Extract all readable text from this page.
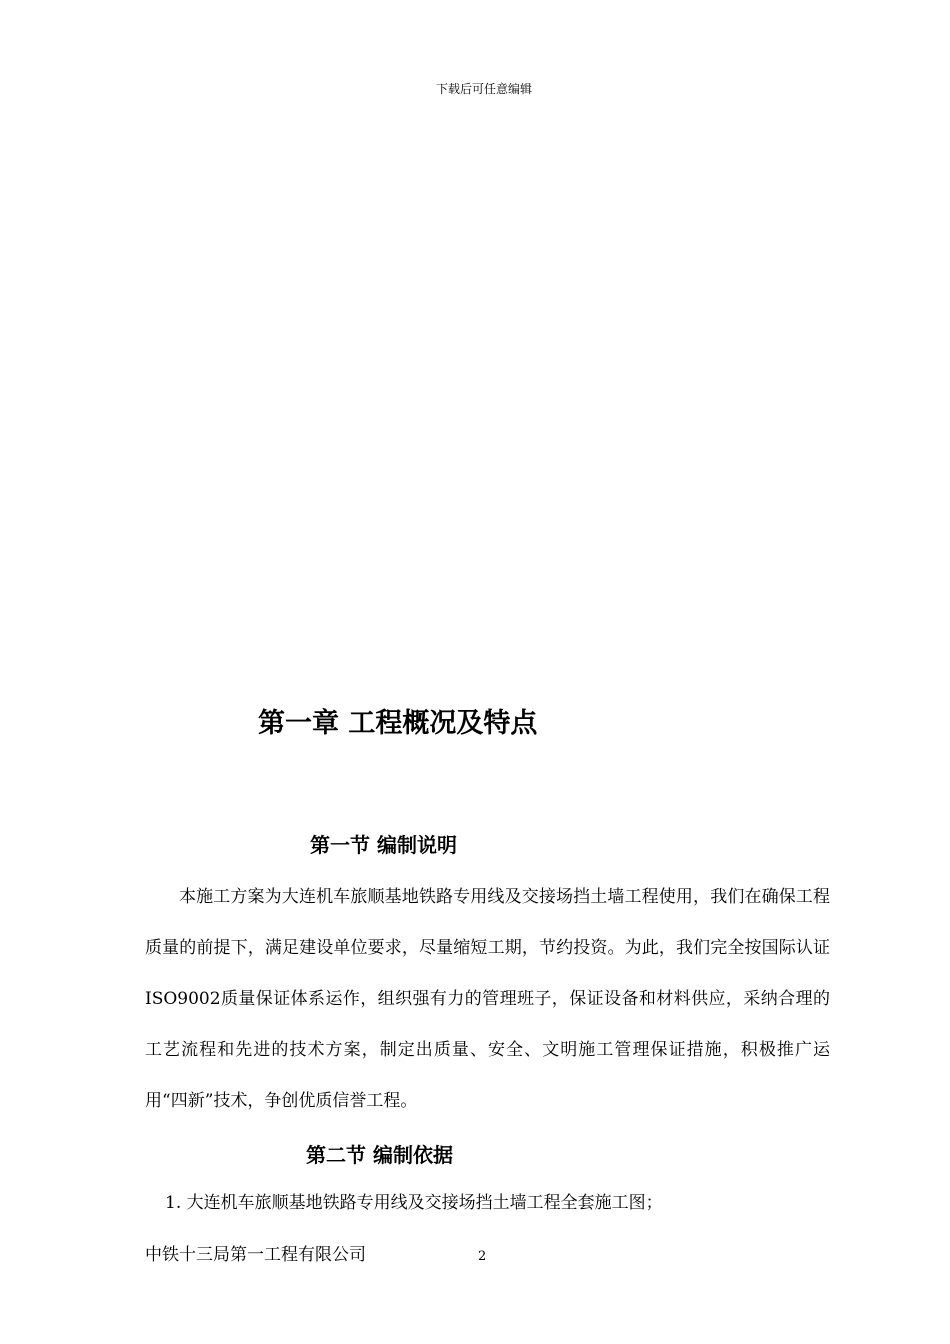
下载后可任意编辑
第一章 工程概况及特点
第一节 编制说明

本施工方案为大连机车旅顺基地铁路专用线及交接场挡土墙工程使用，我们在确保工程质量的前提下，满足建设单位要求，尽量缩短工期，节约投资。为此，我们完全按国际认证ISO9002质量保证体系运作，组织强有力的管理班子，保证设备和材料供应，采纳合理的工艺流程和先进的技术方案，制定出质量、安全、文明施工管理保证措施，积极推广运用“四新”技术，争创优质信誉工程。

第二节 编制依据

1. 大连机车旅顺基地铁路专用线及交接场挡土墙工程全套施工图；

中铁十三局第一工程有限公司	2
